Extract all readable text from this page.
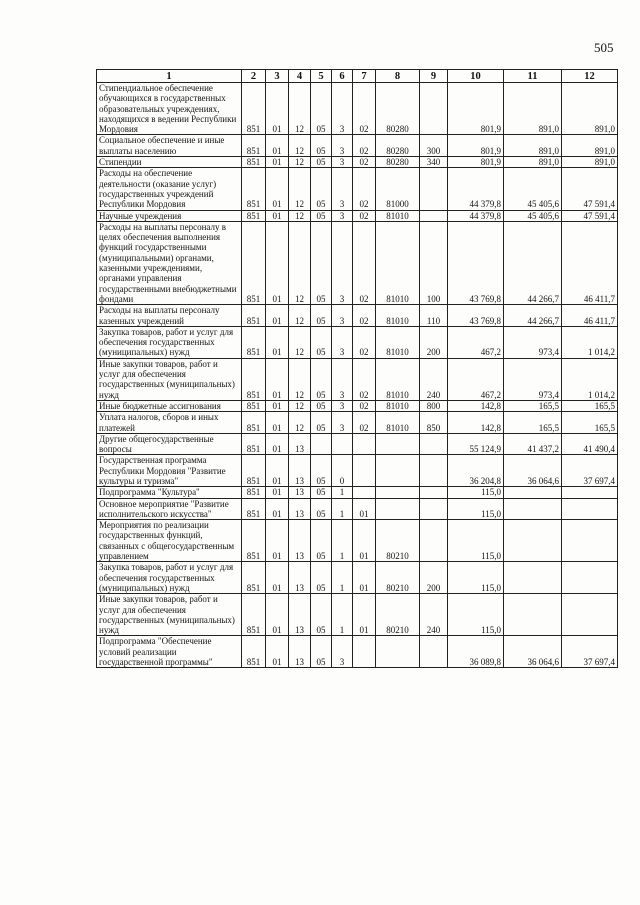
505
1	2	3	4	5	6	7	8	9	10	11	12
Стипендиальное обеспечение обучающихся в государственных образовательных учреждениях, находящихся в ведении Республики Мордовия	851	01	12	05	3	02	80280		801,9	891,0	891,0
Социальное обеспечение и иные выплаты населению	851	01	12	05	3	02	80280	300	801,9	891,0	891,0
Стипендии	851	01	12	05	3	02	80280	340	801,9	891,0	891,0
Расходы на обеспечение деятельности (оказание услуг) государственных учреждений Республики Мордовия	851	01	12	05	3	02	81000		44 379,8	45 405,6	47 591,4
Научные учреждения	851	01	12	05	3	02	81010		44 379,8	45 405,6	47 591,4
Расходы на выплаты персоналу в целях обеспечения выполнения функций государственными (муниципальными) органами, казенными учреждениями, органами управления государственными внебюджетными фондами	851	01	12	05	3	02	81010	100	43 769,8	44 266,7	46 411,7
Расходы на выплаты персоналу казенных учреждений	851	01	12	05	3	02	81010	110	43 769,8	44 266,7	46 411,7
Закупка товаров, работ и услуг для обеспечения государственных (муниципальных) нужд	851	01	12	05	3	02	81010	200	467,2	973,4	1 014,2
Иные закупки товаров, работ и услуг для обеспечения государственных (муниципальных) нужд	851	01	12	05	3	02	81010	240	467,2	973,4	1 014,2
Иные бюджетные ассигнования	851	01	12	05	3	02	81010	800	142,8	165,5	165,5
Уплата налогов, сборов и иных платежей	851	01	12	05	3	02	81010	850	142,8	165,5	165,5
Другие общегосударственные вопросы	851	01	13						55 124,9	41 437,2	41 490,4
Государственная программа Республики Мордовия "Развитие культуры и туризма"	851	01	13	05	0				36 204,8	36 064,6	37 697,4
Подпрограмма "Культура"	851	01	13	05	1				115,0		
Основное мероприятие "Развитие исполнительского искусства"	851	01	13	05	1	01			115,0		
Мероприятия по реализации государственных функций, связанных с общегосударственным управлением	851	01	13	05	1	01	80210		115,0		
Закупка товаров, работ и услуг для обеспечения государственных (муниципальных) нужд	851	01	13	05	1	01	80210	200	115,0		
Иные закупки товаров, работ и услуг для обеспечения государственных (муниципальных) нужд	851	01	13	05	1	01	80210	240	115,0		
Подпрограмма "Обеспечение условий реализации государственной программы"	851	01	13	05	3				36 089,8	36 064,6	37 697,4
